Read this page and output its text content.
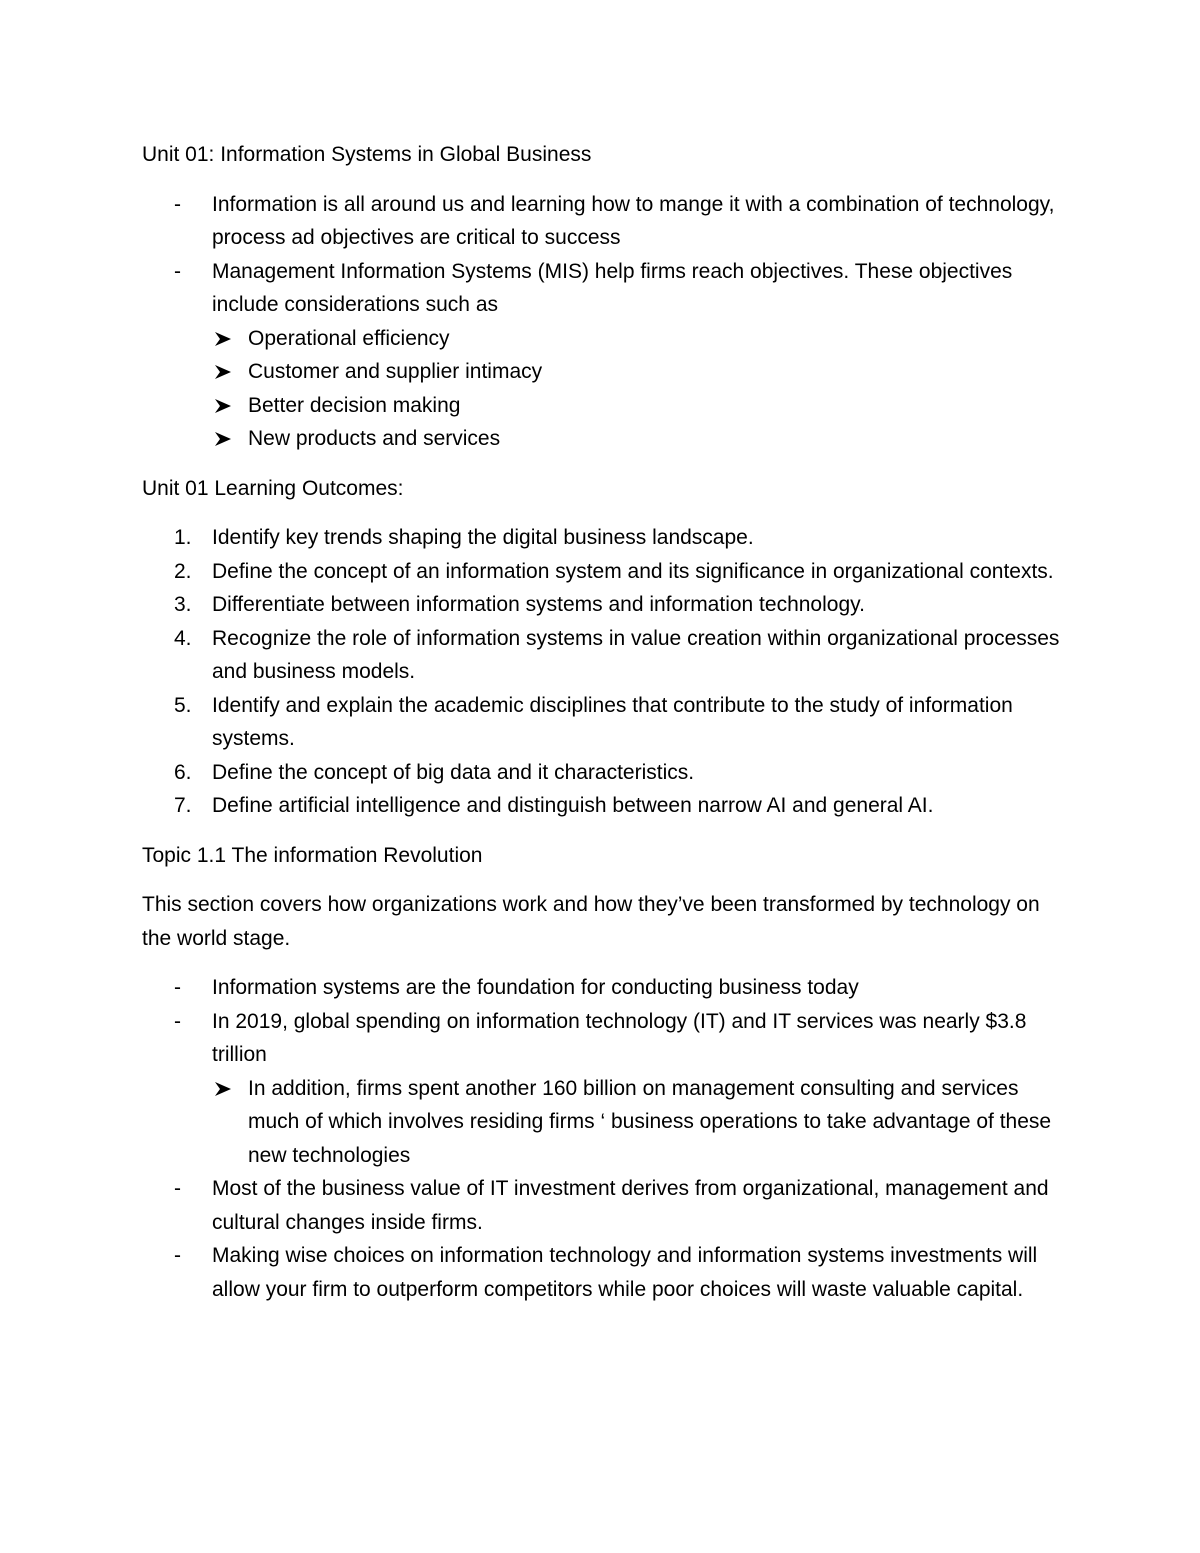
Unit 01: Information Systems in Global Business
- Information is all around us and learning how to mange it with a combination of technology, process ad objectives are critical to success
- Management Information Systems (MIS) help firms reach objectives. These objectives include considerations such as
Operational efficiency
Customer and supplier intimacy
Better decision making
New products and services
Unit 01 Learning Outcomes:
1. Identify key trends shaping the digital business landscape.
2. Define the concept of an information system and its significance in organizational contexts.
3. Differentiate between information systems and information technology.
4. Recognize the role of information systems in value creation within organizational processes and business models.
5. Identify and explain the academic disciplines that contribute to the study of information systems.
6. Define the concept of big data and it characteristics.
7. Define artificial intelligence and distinguish between narrow AI and general AI.
Topic 1.1 The information Revolution

This section covers how organizations work and how they’ve been transformed by technology on the world stage.

- Information systems are the foundation for conducting business today
- In 2019, global spending on information technology (IT) and IT services was nearly $3.8 trillion
In addition, firms spent another 160 billion on management consulting and services much of which involves residing firms ‘ business operations to take advantage of these new technologies
- Most of the business value of IT investment derives from organizational, management and cultural changes inside firms.
- Making wise choices on information technology and information systems investments will allow your firm to outperform competitors while poor choices will waste valuable capital.
